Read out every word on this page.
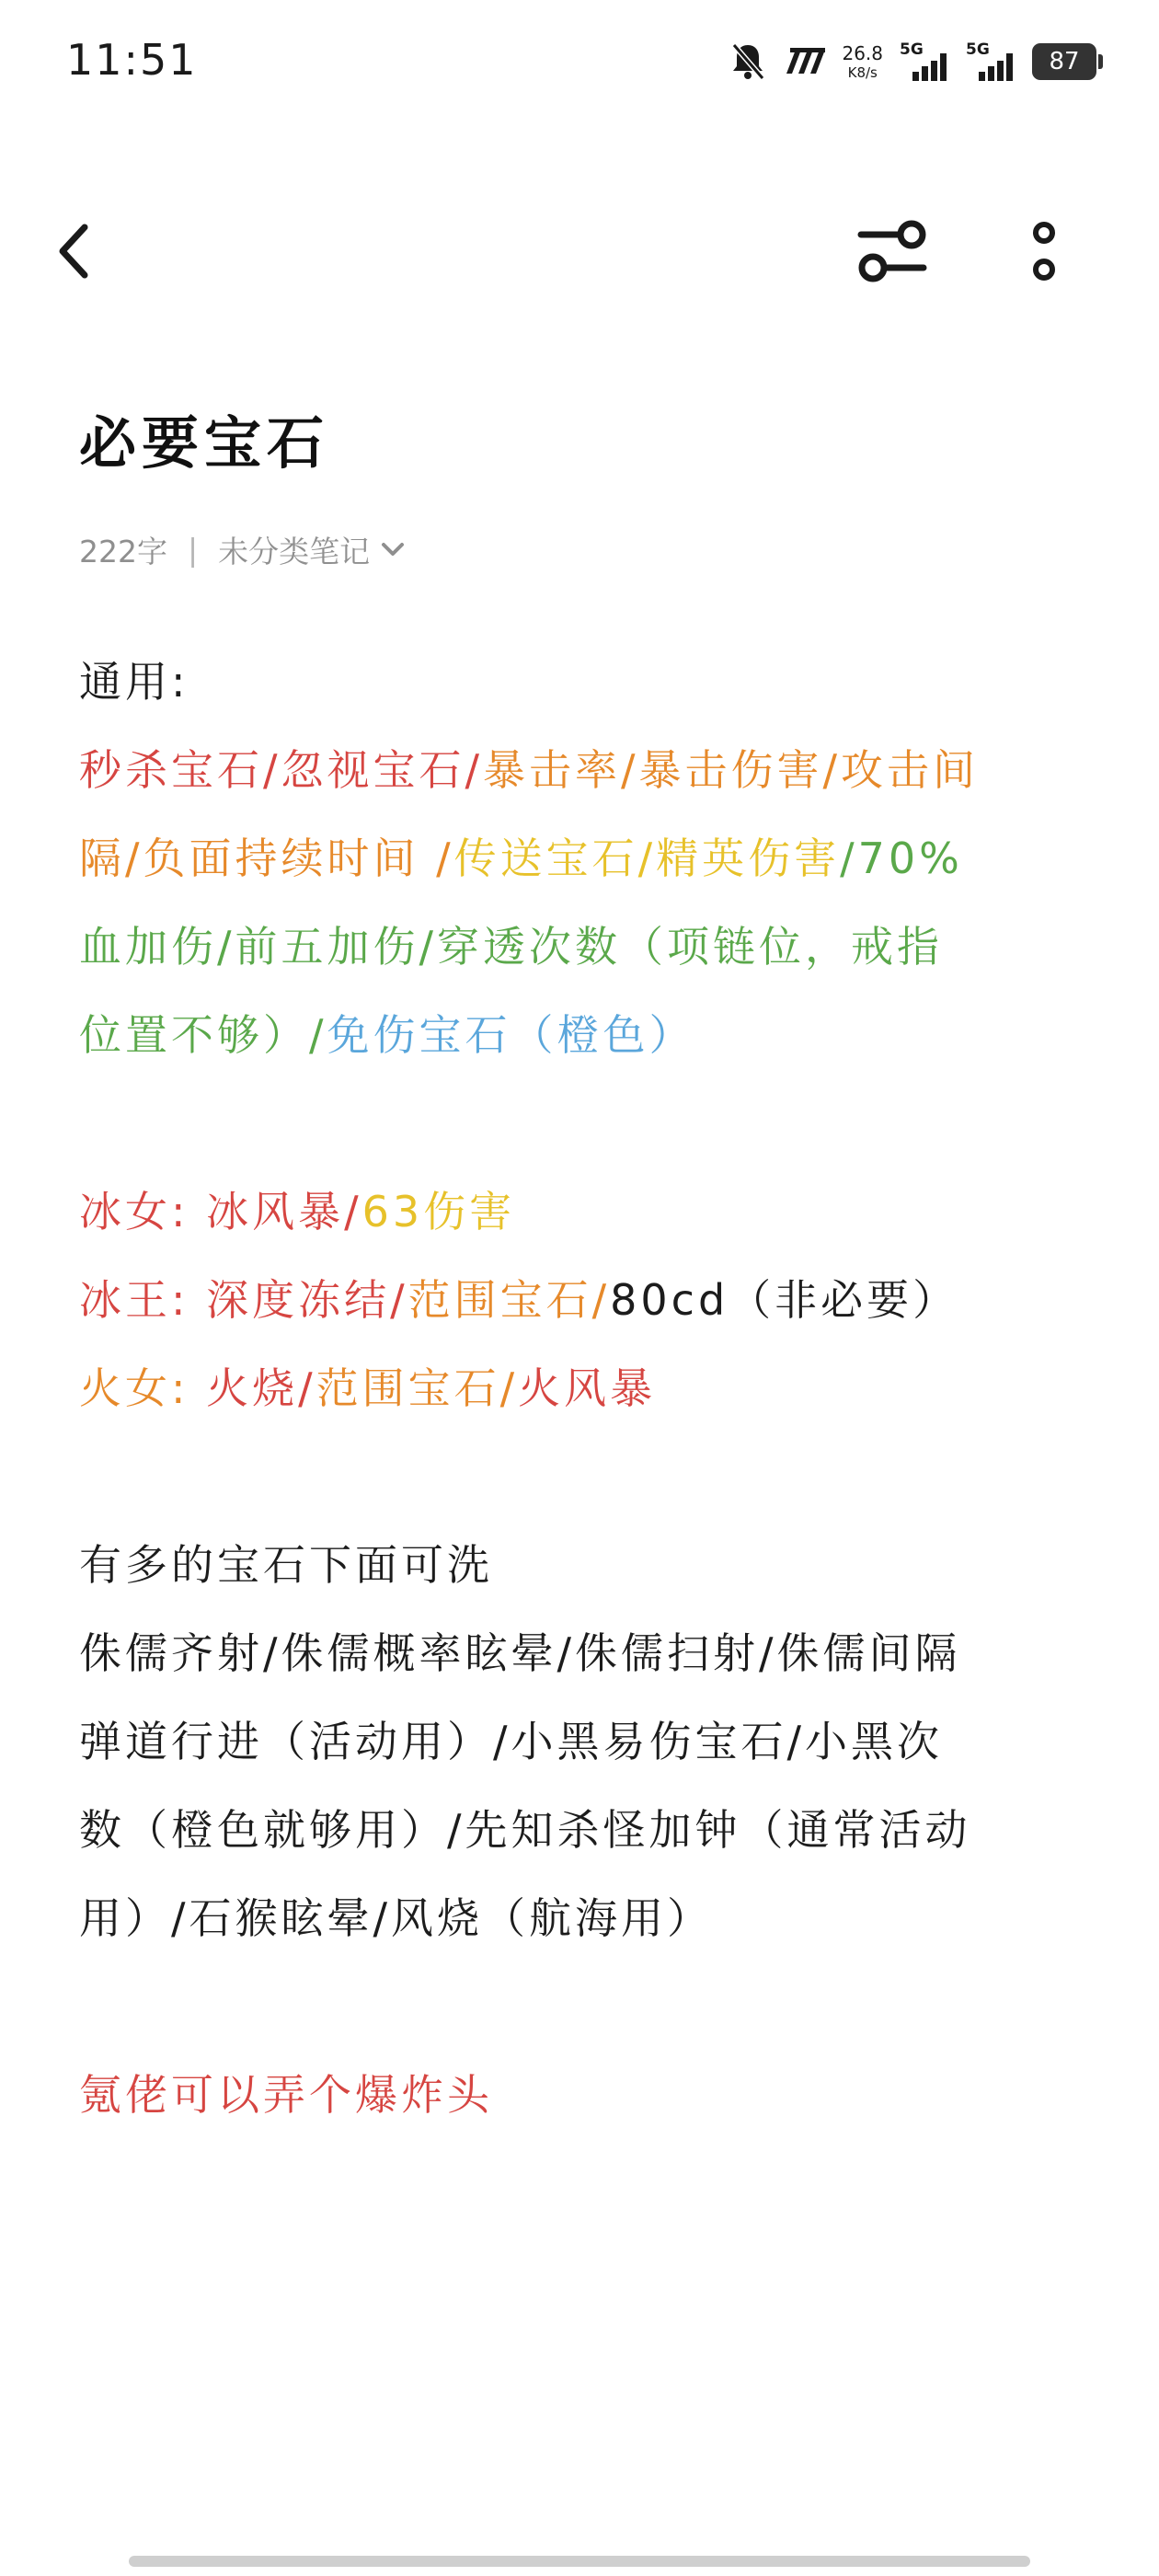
11:51	26.8
K8/s
5G	5G 87
必要宝石
222字 | 未分类笔记
通用:
秒杀宝石/忽视宝石/暴击率/暴击伤害/攻击间
隔/负面持续时间 /传送宝石/精英伤害/70%
血加伤/前五加伤/穿透次数（项链位，戒指
位置不够）/免伤宝石（橙色）
冰女: 冰风暴/63伤害
冰王: 深度冻结/范围宝石/80cd（非必要）
火女: 火烧/范围宝石/火风暴
有多的宝石下面可洗
侏儒齐射/侏儒概率眩晕/侏儒扫射/侏儒间隔
弹道行进（活动用）/小黑易伤宝石/小黑次
数（橙色就够用）/先知杀怪加钟（通常活动
用）/石猴眩晕/风烧（航海用）
氪佬可以弄个爆炸头
